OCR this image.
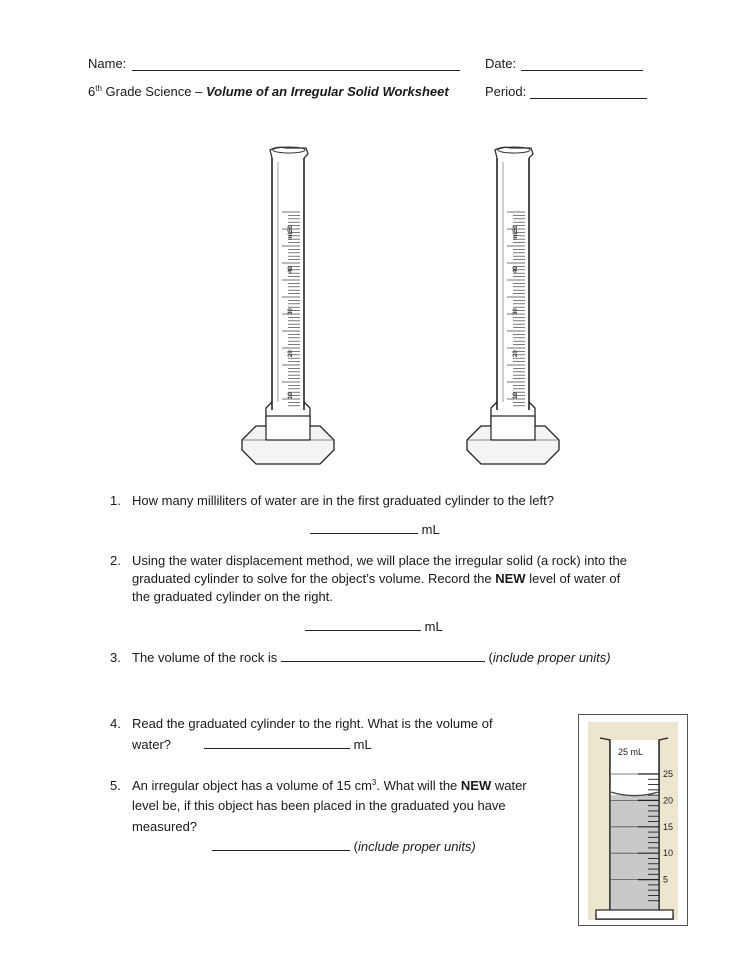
Name:	Date:
6th Grade Science – Volume of an Irregular Solid Worksheet	Period:
50
mL
40
30
20
10
50
mL
40
30
20
10
1. How many milliliters of water are in the first graduated cylinder to the left?
mL
2. Using the water displacement method, we will place the irregular solid (a rock) into the
graduated cylinder to solve for the object’s volume. Record the NEW level of water of
the graduated cylinder on the right.
mL
3. The volume of the rock is	(include proper units)
4. Read the graduated cylinder to the right. What is the volume of
water?	mL
5. An irregular object has a volume of 15 $cm^3$. What will the NEW water
level be, if this object has been placed in the graduated you have
measured?
(include proper units)
25 mL
25
20
15
10
5
